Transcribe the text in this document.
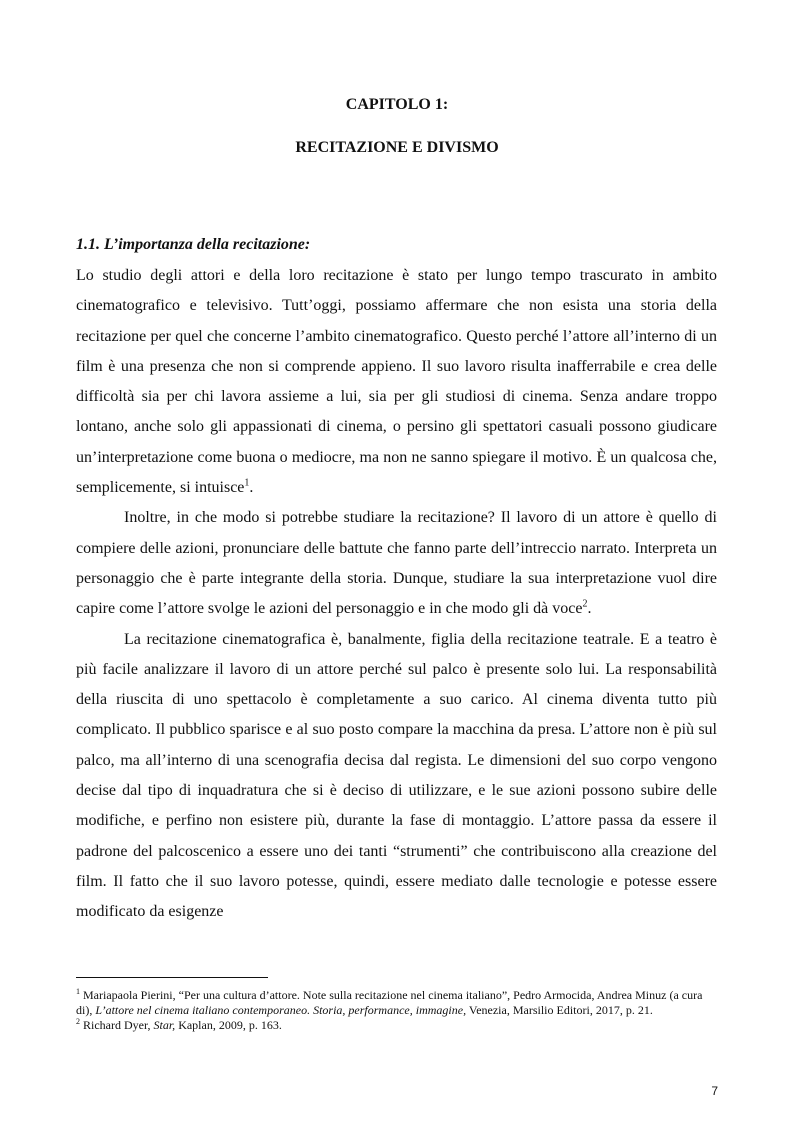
CAPITOLO 1:
RECITAZIONE E DIVISMO
1.1. L’importanza della recitazione:

Lo studio degli attori e della loro recitazione è stato per lungo tempo trascurato in ambito cinematografico e televisivo. Tutt’oggi, possiamo affermare che non esista una storia della recitazione per quel che concerne l’ambito cinematografico. Questo perché l’attore all’interno di un film è una presenza che non si comprende appieno. Il suo lavoro risulta inafferrabile e crea delle difficoltà sia per chi lavora assieme a lui, sia per gli studiosi di cinema. Senza andare troppo lontano, anche solo gli appassionati di cinema, o persino gli spettatori casuali possono giudicare un’interpretazione come buona o mediocre, ma non ne sanno spiegare il motivo. È un qualcosa che, semplicemente, si intuisce$^1$.

Inoltre, in che modo si potrebbe studiare la recitazione? Il lavoro di un attore è quello di compiere delle azioni, pronunciare delle battute che fanno parte dell’intreccio narrato. Interpreta un personaggio che è parte integrante della storia. Dunque, studiare la sua interpretazione vuol dire capire come l’attore svolge le azioni del personaggio e in che modo gli dà voce$^2$.

La recitazione cinematografica è, banalmente, figlia della recitazione teatrale. E a teatro è più facile analizzare il lavoro di un attore perché sul palco è presente solo lui. La responsabilità della riuscita di uno spettacolo è completamente a suo carico. Al cinema diventa tutto più complicato. Il pubblico sparisce e al suo posto compare la macchina da presa. L’attore non è più sul palco, ma all’interno di una scenografia decisa dal regista. Le dimensioni del suo corpo vengono decise dal tipo di inquadratura che si è deciso di utilizzare, e le sue azioni possono subire delle modifiche, e perfino non esistere più, durante la fase di montaggio. L’attore passa da essere il padrone del palcoscenico a essere uno dei tanti “strumenti” che contribuiscono alla creazione del film. Il fatto che il suo lavoro potesse, quindi, essere mediato dalle tecnologie e potesse essere modificato da esigenze

$^1$ Mariapaola Pierini, “Per una cultura d’attore. Note sulla recitazione nel cinema italiano”, Pedro Armocida, Andrea Minuz (a cura di), L’attore nel cinema italiano contemporaneo. Storia, performance, immagine, Venezia, Marsilio Editori, 2017, p. 21.

$^2$ Richard Dyer, Star, Kaplan, 2009, p. 163.

7
